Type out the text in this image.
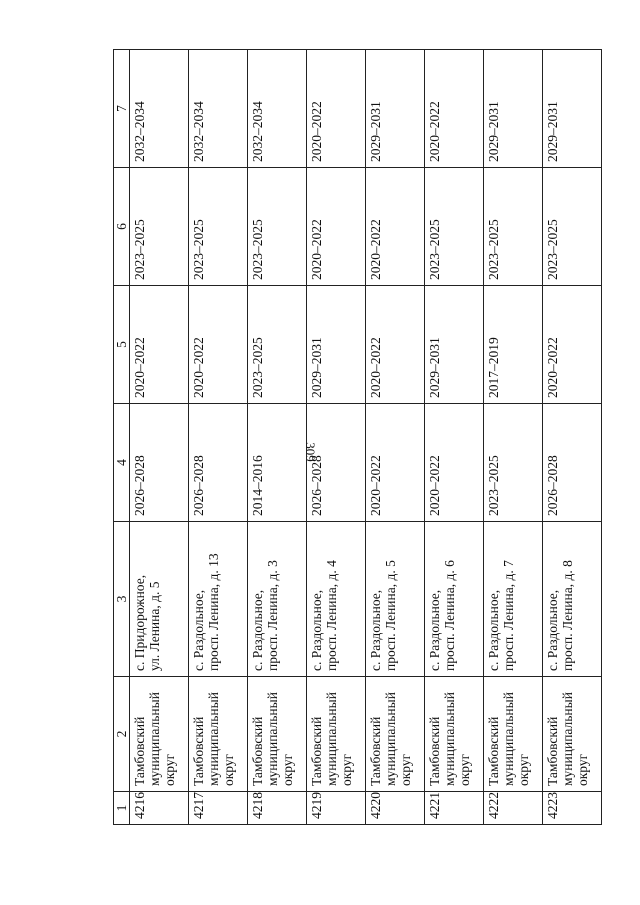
309
1	2	3	4	5	6	7
4216	Тамбовский
муниципальный
округ	с. Придорожное,
ул. Ленина, д. 5	2026–2028	2020–2022	2023–2025	2032–2034
4217	Тамбовский
муниципальный
округ	с. Раздольное,
просп. Ленина, д. 13	2026–2028	2020–2022	2023–2025	2032–2034
4218	Тамбовский
муниципальный
округ	с. Раздольное,
просп. Ленина, д. 3	2014–2016	2023–2025	2023–2025	2032–2034
4219	Тамбовский
муниципальный
округ	с. Раздольное,
просп. Ленина, д. 4	2026–2028	2029–2031	2020–2022	2020–2022
4220	Тамбовский
муниципальный
округ	с. Раздольное,
просп. Ленина, д. 5	2020–2022	2020–2022	2020–2022	2029–2031
4221	Тамбовский
муниципальный
округ	с. Раздольное,
просп. Ленина, д. 6	2020–2022	2029–2031	2023–2025	2020–2022
4222	Тамбовский
муниципальный
округ	с. Раздольное,
просп. Ленина, д. 7	2023–2025	2017–2019	2023–2025	2029–2031
4223	Тамбовский
муниципальный
округ	с. Раздольное,
просп. Ленина, д. 8	2026–2028	2020–2022	2023–2025	2029–2031
